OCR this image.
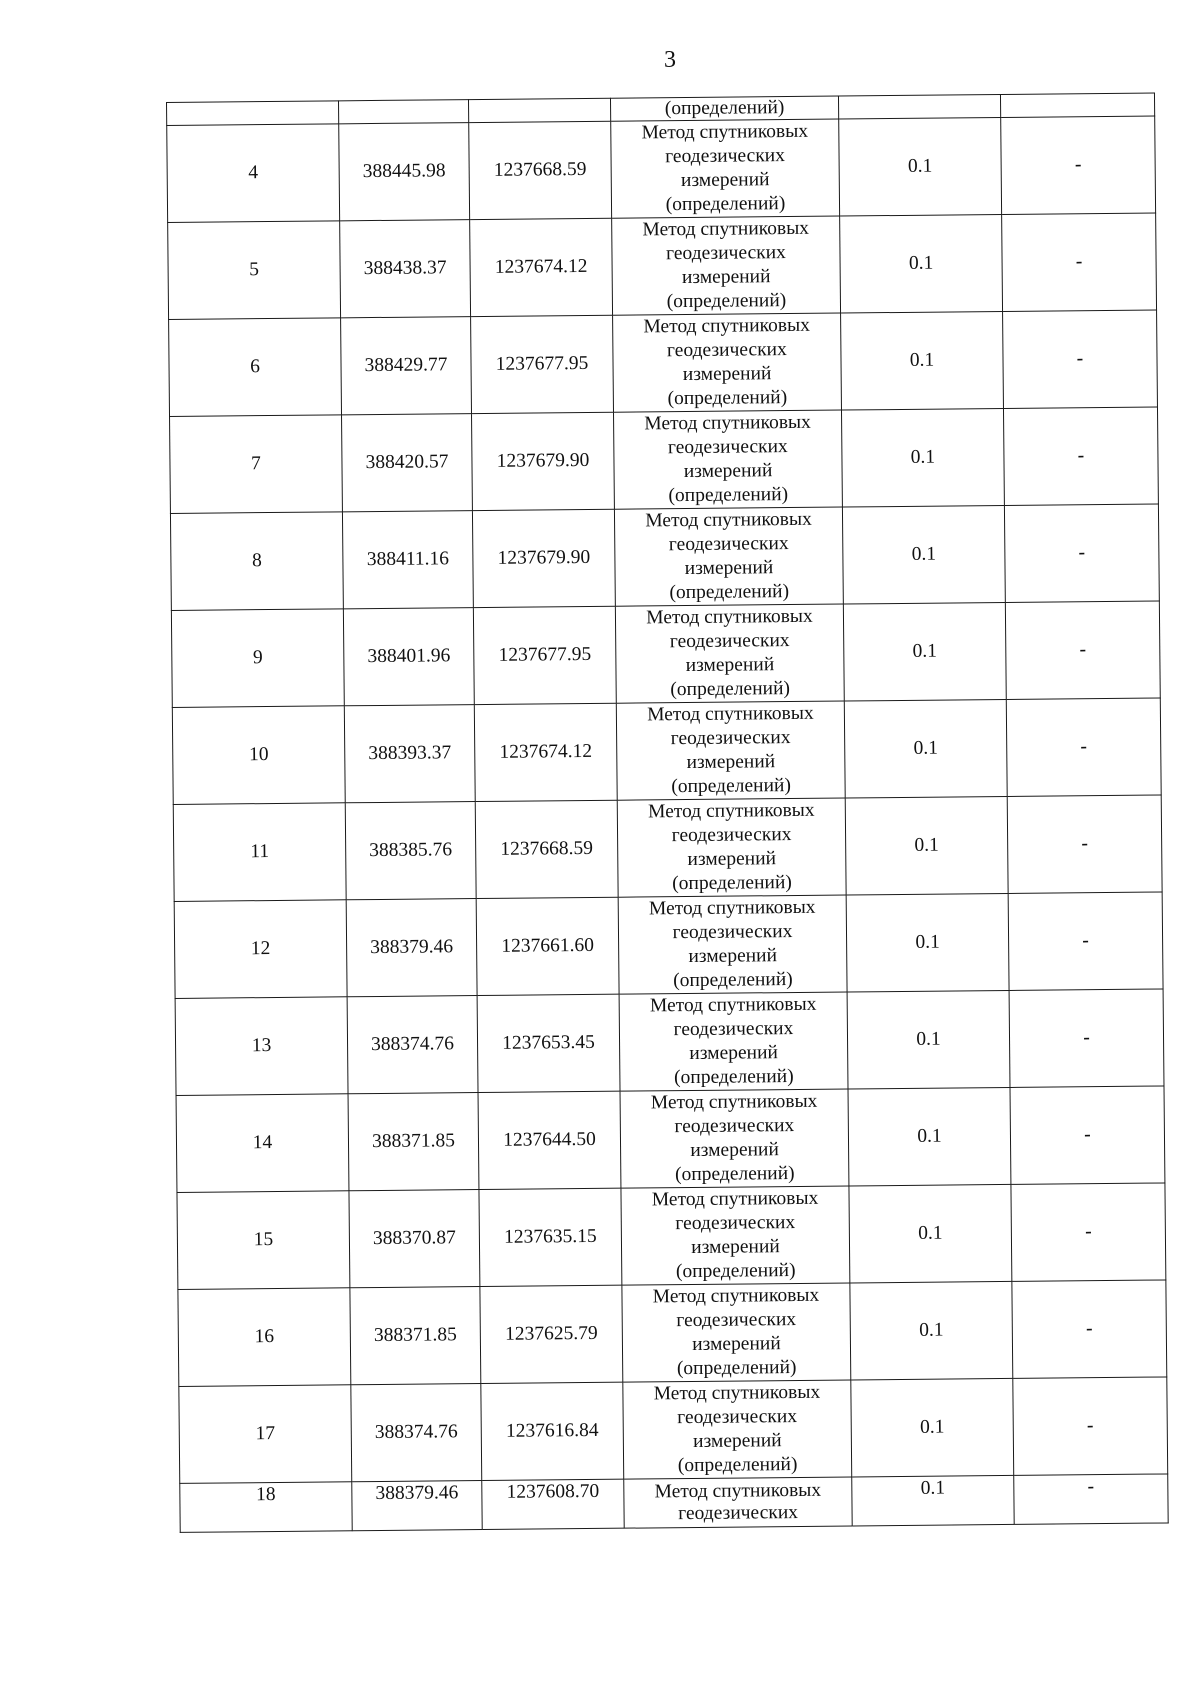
3
			(определений)		
4	388445.98	1237668.59	Метод спутниковых
геодезических
измерений
(определений)	0.1	-
5	388438.37	1237674.12	Метод спутниковых
геодезических
измерений
(определений)	0.1	-
6	388429.77	1237677.95	Метод спутниковых
геодезических
измерений
(определений)	0.1	-
7	388420.57	1237679.90	Метод спутниковых
геодезических
измерений
(определений)	0.1	-
8	388411.16	1237679.90	Метод спутниковых
геодезических
измерений
(определений)	0.1	-
9	388401.96	1237677.95	Метод спутниковых
геодезических
измерений
(определений)	0.1	-
10	388393.37	1237674.12	Метод спутниковых
геодезических
измерений
(определений)	0.1	-
11	388385.76	1237668.59	Метод спутниковых
геодезических
измерений
(определений)	0.1	-
12	388379.46	1237661.60	Метод спутниковых
геодезических
измерений
(определений)	0.1	-
13	388374.76	1237653.45	Метод спутниковых
геодезических
измерений
(определений)	0.1	-
14	388371.85	1237644.50	Метод спутниковых
геодезических
измерений
(определений)	0.1	-
15	388370.87	1237635.15	Метод спутниковых
геодезических
измерений
(определений)	0.1	-
16	388371.85	1237625.79	Метод спутниковых
геодезических
измерений
(определений)	0.1	-
17	388374.76	1237616.84	Метод спутниковых
геодезических
измерений
(определений)	0.1	-
18	388379.46	1237608.70	Метод спутниковых
геодезических	0.1	-
